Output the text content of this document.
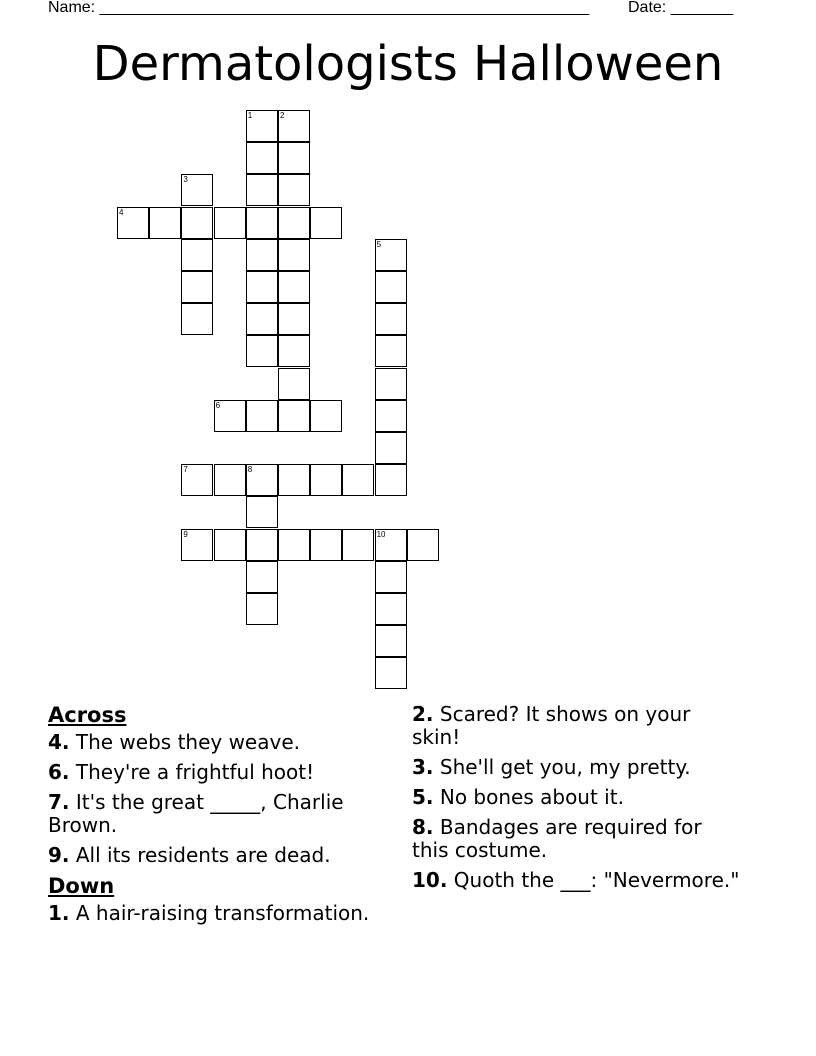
Name: _______________________________________________________ Date: _______
Dermatologists Halloween
1	2
3
4
5
6
7	8
9	10
Across
4. The webs they weave.
6. They're a frightful hoot!
7. It's the great _____, Charlie Brown.
9. All its residents are dead.
Down
1. A hair-raising transformation.
2. Scared? It shows on your skin!
3. She'll get you, my pretty.
5. No bones about it.
8. Bandages are required for this costume.
10. Quoth the ___: "Nevermore."
